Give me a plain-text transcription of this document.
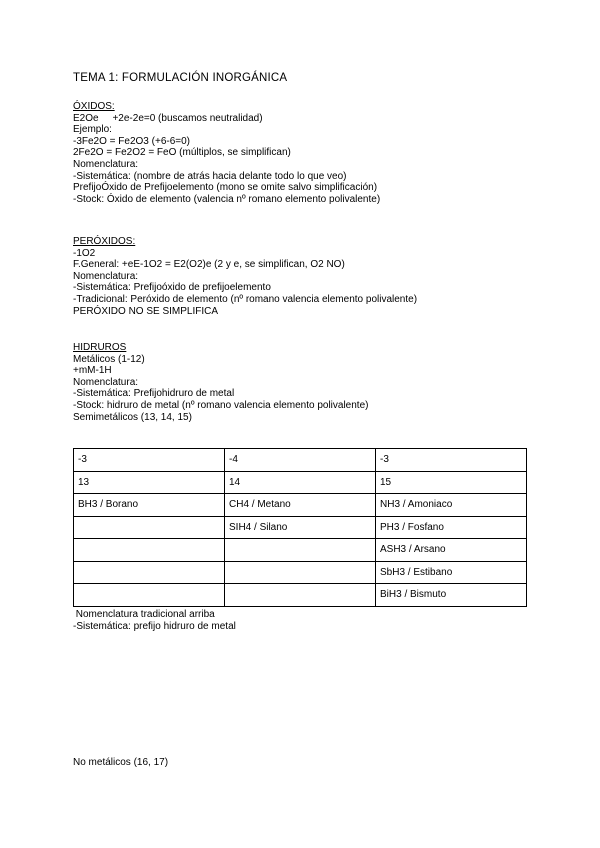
TEMA 1: FORMULACIÓN INORGÁNICA
ÓXIDOS:
E2Oe     +2e-2e=0 (buscamos neutralidad)
Ejemplo:
-3Fe2O = Fe2O3 (+6-6=0)
2Fe2O = Fe2O2 = FeO (múltiplos, se simplifican)
Nomenclatura:
-Sistemática: (nombre de atrás hacia delante todo lo que veo)
PrefijoÓxido de Prefijoelemento (mono se omite salvo simplificación)
-Stock: Óxido de elemento (valencia nº romano elemento polivalente)
PERÓXIDOS:
-1O2
F.General: +eE-1O2 = E2(O2)e (2 y e, se simplifican, O2 NO)
Nomenclatura:
-Sistemática: Prefijoóxido de prefijoelemento
-Tradicional: Peróxido de elemento (nº romano valencia elemento polivalente)
PERÓXIDO NO SE SIMPLIFICA
HIDRUROS
Metálicos (1-12)
+mM-1H
Nomenclatura:
-Sistemática: Prefijohidruro de metal
-Stock: hidruro de metal (nº romano valencia elemento polivalente)
Semimetálicos (13, 14, 15)
-3	-4	-3
13	14	15
BH3 / Borano	CH4 / Metano	NH3 / Amoniaco
	SIH4 / Silano	PH3 / Fosfano
		ASH3 / Arsano
		SbH3 / Estibano
		BiH3 / Bismuto
Nomenclatura tradicional arriba
-Sistemática: prefijo hidruro de metal
No metálicos (16, 17)
